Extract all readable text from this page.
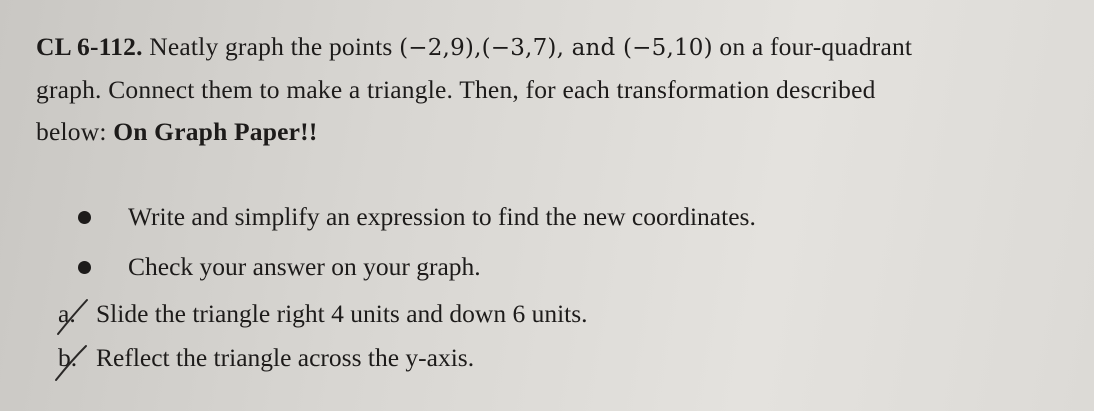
CL 6-112. Neatly graph the points (−2,9),(−3,7), and (−5,10) on a four-quadrant
graph. Connect them to make a triangle. Then, for each transformation described
below: On Graph Paper!!
Write and simplify an expression to find the new coordinates.
Check your answer on your graph.
a. Slide the triangle right 4 units and down 6 units.
b. Reflect the triangle across the y-axis.
